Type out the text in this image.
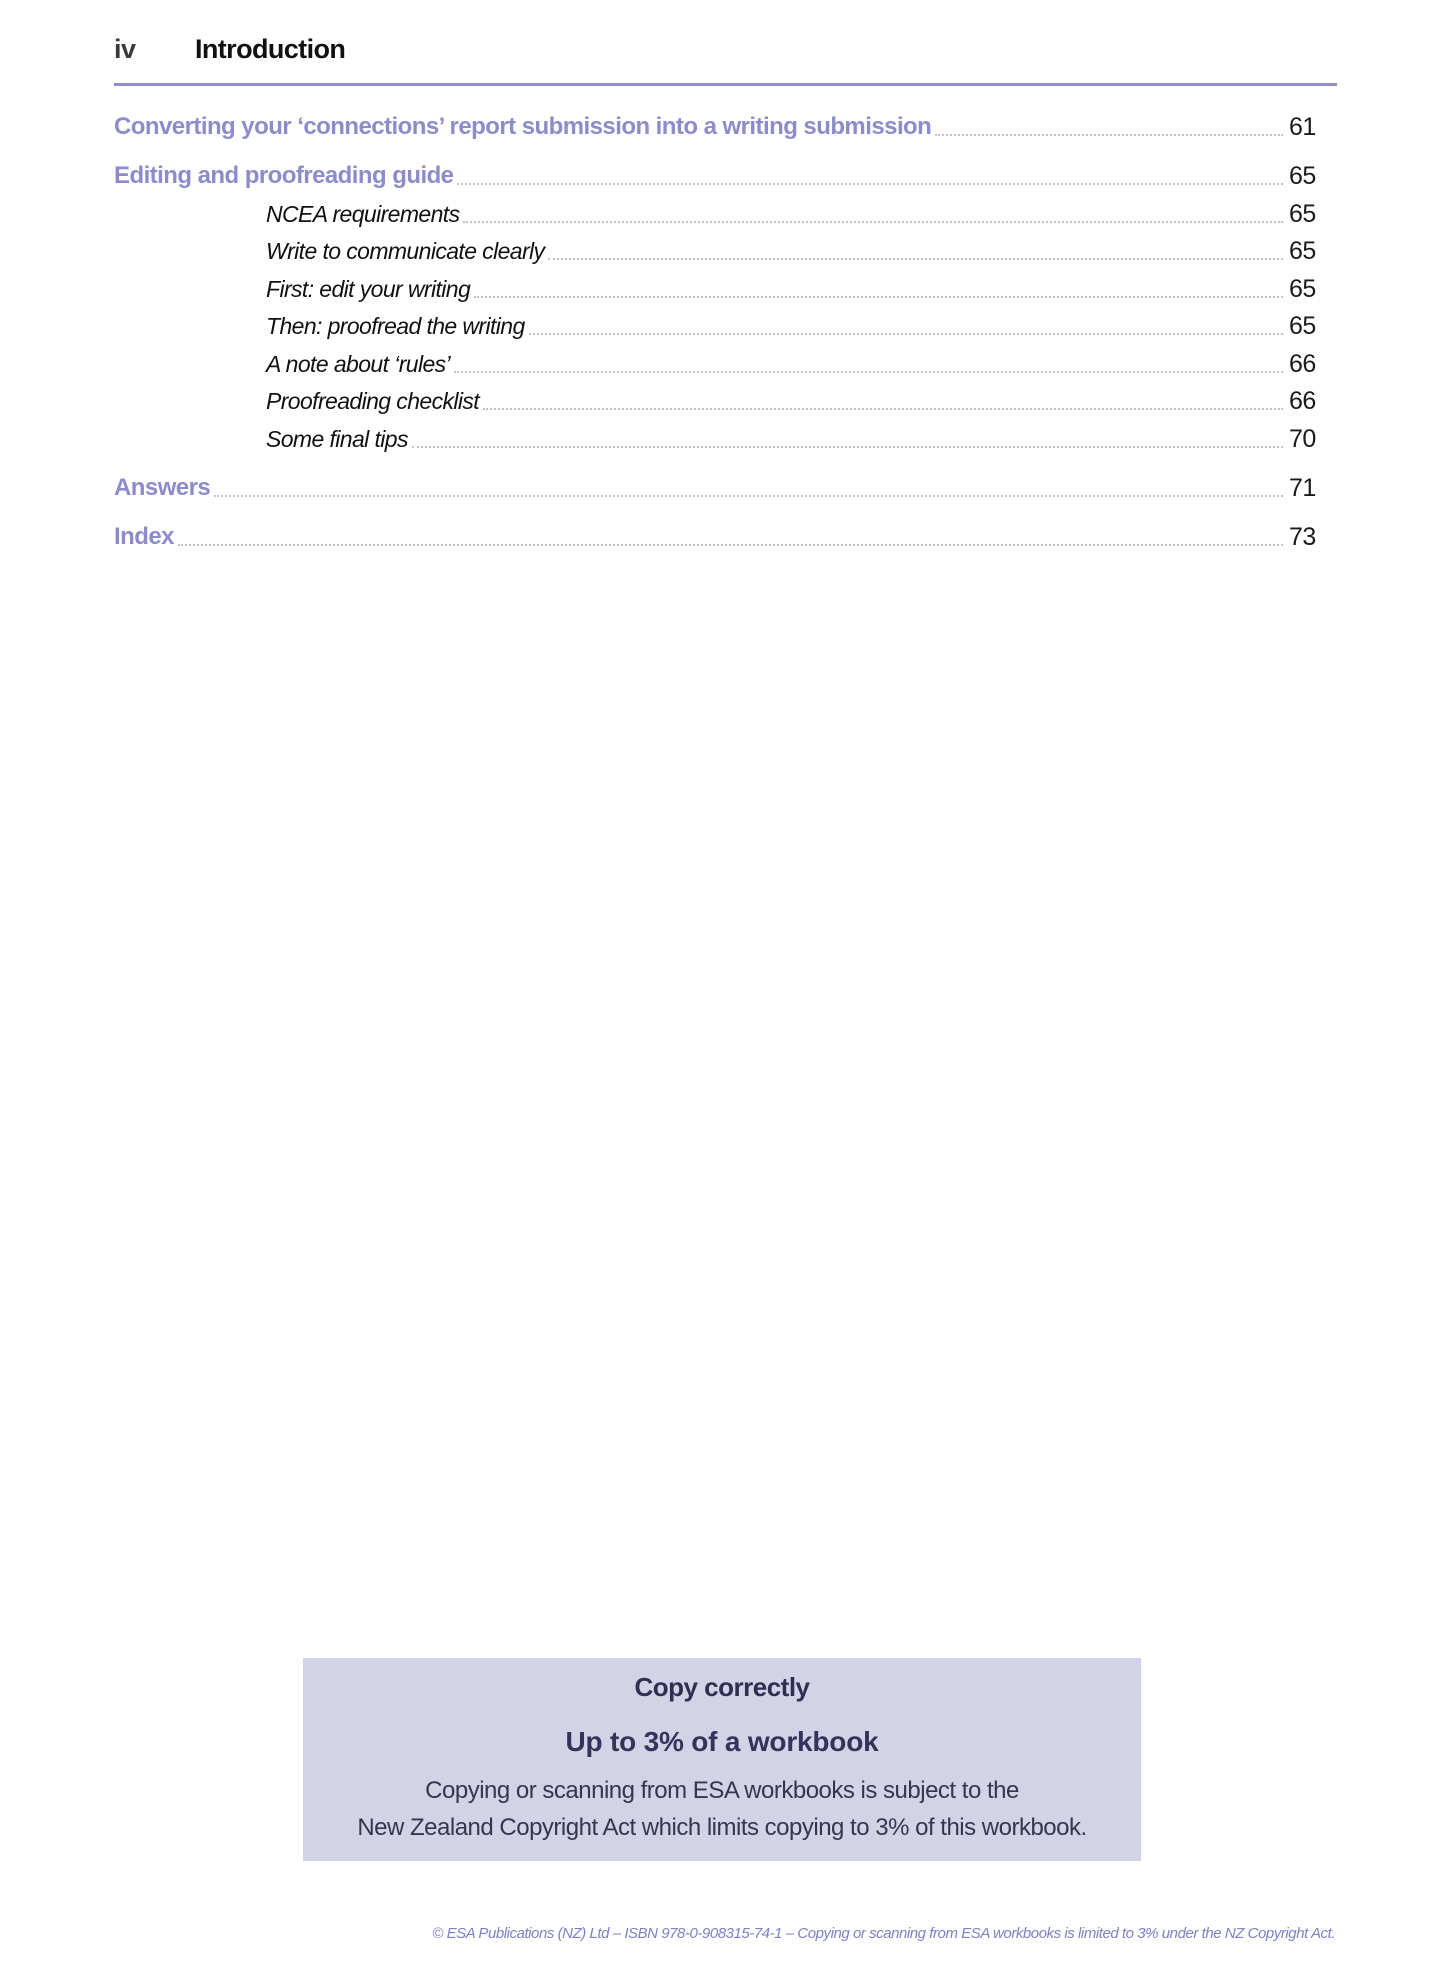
iv Introduction
Converting your ‘connections’ report submission into a writing submission	61
Editing and proofreading guide	65
NCEA requirements	65
Write to communicate clearly	65
First: edit your writing	65
Then: proofread the writing	65
A note about ‘rules’	66
Proofreading checklist	66
Some final tips	70
Answers	71
Index	73
Copy correctly
Up to 3% of a workbook
Copying or scanning from ESA workbooks is subject to the
New Zealand Copyright Act which limits copying to 3% of this workbook.
© ESA Publications (NZ) Ltd – ISBN 978-0-908315-74-1 – Copying or scanning from ESA workbooks is limited to 3% under the NZ Copyright Act.
